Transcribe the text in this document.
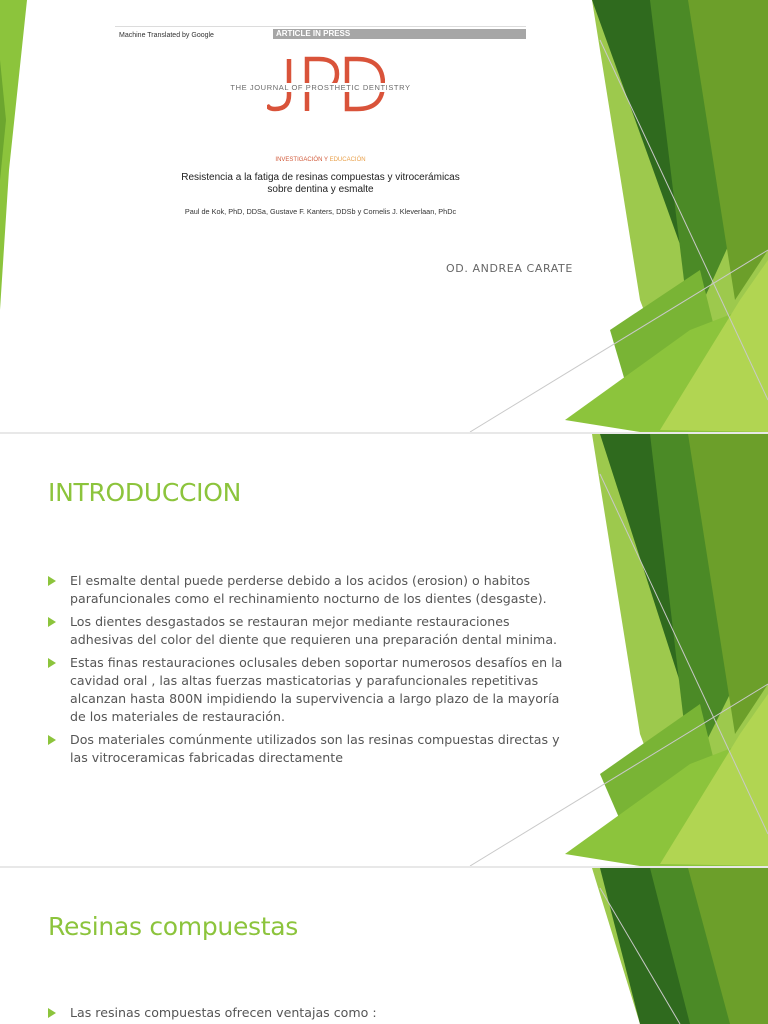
Machine Translated by Google	ARTICLE IN PRESS
THE JOURNAL OF PROSTHETIC DENTISTRY
INVESTIGACIÓN Y EDUCACIÓN
Resistencia a la fatiga de resinas compuestas y vitrocerámicas
sobre dentina y esmalte
Paul de Kok, PhD, DDSa, Gustave F. Kanters, DDSb y Cornelis J. Kleverlaan, PhDc
OD. ANDREA CARATE
INTRODUCCION
El esmalte dental puede perderse debido a los acidos (erosion) o habitos parafuncionales como el rechinamiento nocturno de los dientes (desgaste).
Los dientes desgastados se restauran mejor mediante restauraciones adhesivas del color del diente que requieren una preparación dental minima.
Estas finas restauraciones oclusales deben soportar numerosos desafíos en la cavidad oral , las altas fuerzas masticatorias y parafuncionales repetitivas alcanzan hasta 800N impidiendo la supervivencia a largo plazo de la mayoría de los materiales de restauración.
Dos materiales comúnmente utilizados son las resinas compuestas directas y las vitroceramicas fabricadas directamente
Resinas compuestas
Las resinas compuestas ofrecen ventajas como :
